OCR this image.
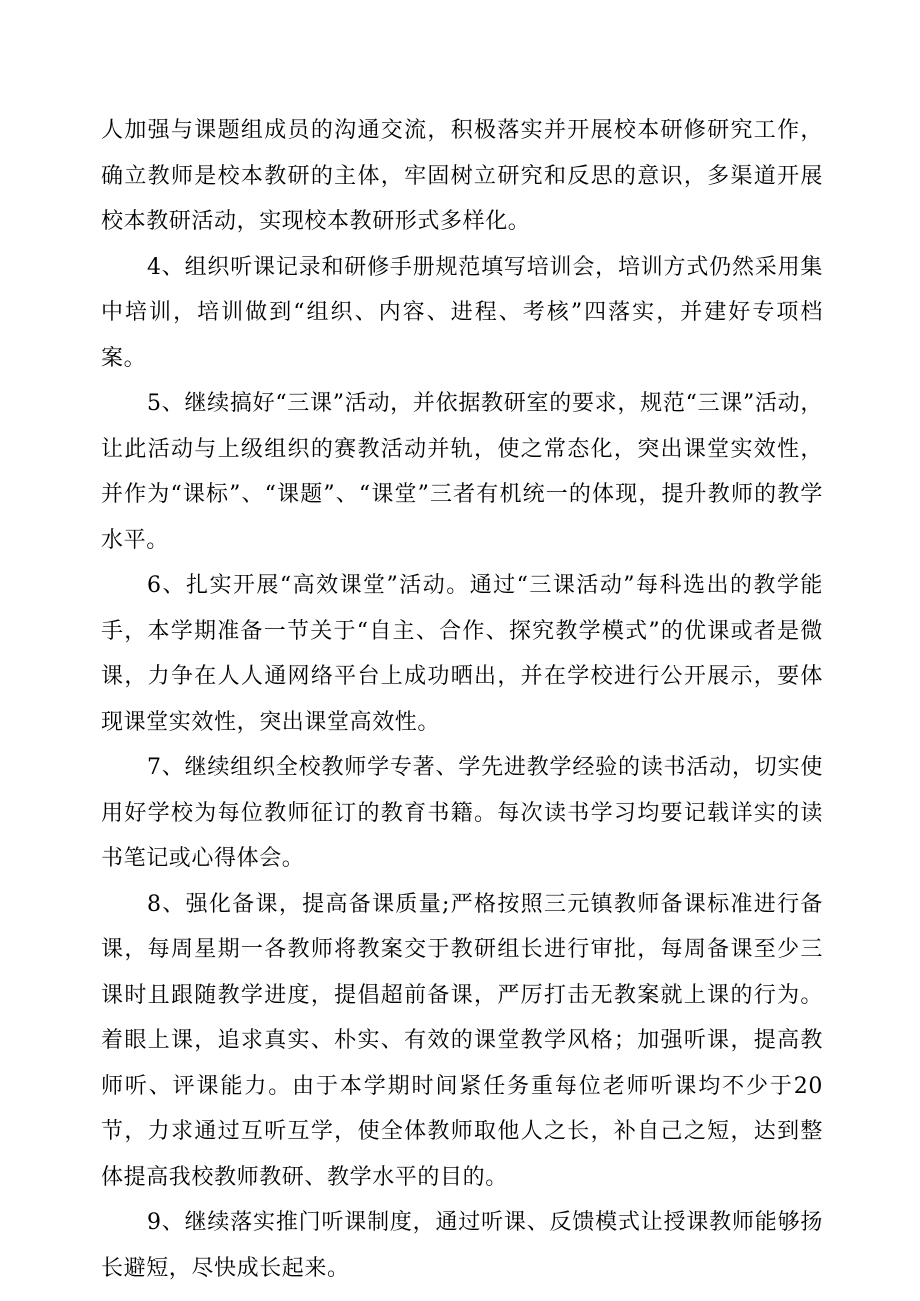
人加强与课题组成员的沟通交流，积极落实并开展校本研修研究工作，确立教师是校本教研的主体，牢固树立研究和反思的意识，多渠道开展校本教研活动，实现校本教研形式多样化。

4、组织听课记录和研修手册规范填写培训会，培训方式仍然采用集中培训，培训做到“组织、内容、进程、考核”四落实，并建好专项档案。

5、继续搞好“三课”活动，并依据教研室的要求，规范“三课”活动，让此活动与上级组织的赛教活动并轨，使之常态化，突出课堂实效性，并作为“课标”、“课题”、“课堂”三者有机统一的体现，提升教师的教学水平。

6、扎实开展“高效课堂”活动。通过“三课活动”每科选出的教学能手，本学期准备一节关于“自主、合作、探究教学模式”的优课或者是微课，力争在人人通网络平台上成功晒出，并在学校进行公开展示，要体现课堂实效性，突出课堂高效性。

7、继续组织全校教师学专著、学先进教学经验的读书活动，切实使用好学校为每位教师征订的教育书籍。每次读书学习均要记载详实的读书笔记或心得体会。

8、强化备课，提高备课质量;严格按照三元镇教师备课标准进行备课，每周星期一各教师将教案交于教研组长进行审批，每周备课至少三课时且跟随教学进度，提倡超前备课，严厉打击无教案就上课的行为。着眼上课，追求真实、朴实、有效的课堂教学风格；加强听课，提高教师听、评课能力。由于本学期时间紧任务重每位老师听课均不少于20节，力求通过互听互学，使全体教师取他人之长，补自己之短，达到整体提高我校教师教研、教学水平的目的。

9、继续落实推门听课制度，通过听课、反馈模式让授课教师能够扬长避短，尽快成长起来。
